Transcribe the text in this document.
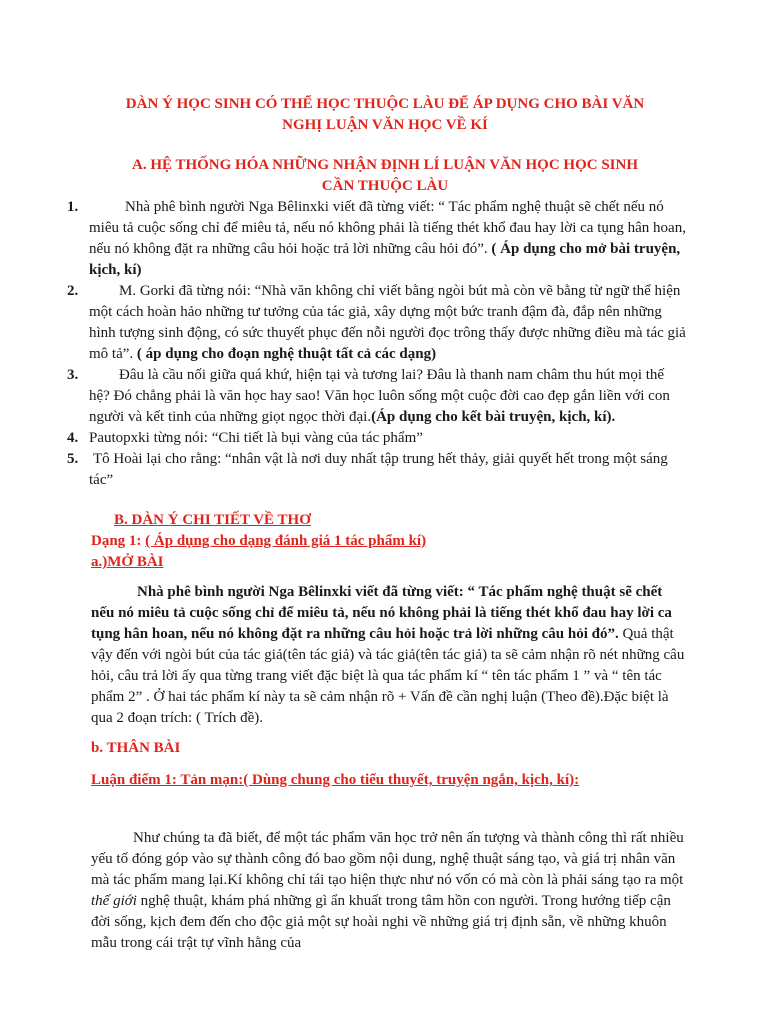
DÀN Ý HỌC SINH CÓ THỂ HỌC THUỘC LÀU ĐỂ ÁP DỤNG CHO BÀI VĂN

NGHỊ LUẬN VĂN HỌC VỀ KÍ

A. HỆ THỐNG HÓA NHỮNG NHẬN ĐỊNH LÍ LUẬN VĂN HỌC HỌC SINH

CẦN THUỘC LÀU

1.	Nhà phê bình người Nga Bêlinxki viết đã từng viết: “ Tác phẩm nghệ thuật sẽ chết nếu nó miêu tả cuộc sống chỉ để miêu tả, nếu nó không phải là tiếng thét khổ đau hay lời ca tụng hân hoan, nếu nó không đặt ra những câu hỏi hoặc trả lời những câu hỏi đó”. ( Áp dụng cho mở bài truyện, kịch, kí)
2.	M. Gorki đã từng nói: “Nhà văn không chỉ viết bằng ngòi bút mà còn vẽ bằng từ ngữ thể hiện một cách hoàn hảo những tư tưởng của tác giả, xây dựng một bức tranh đậm đà, đắp nên những hình tượng sinh động, có sức thuyết phục đến nỗi người đọc trông thấy được những điều mà tác giả mô tả”. ( áp dụng cho đoạn nghệ thuật tất cả các dạng)
3.	Đâu là cầu nối giữa quá khứ, hiện tại và tương lai? Đâu là thanh nam châm thu hút mọi thế hệ? Đó chẳng phải là văn học hay sao! Văn học luôn sống một cuộc đời cao đẹp gắn liền với con người và kết tinh của những giọt ngọc thời đại.(Áp dụng cho kết bài truyện, kịch, kí).
4. Pautopxki từng nói: “Chi tiết là bụi vàng của tác phẩm”
5. Tô Hoài lại cho rằng: “nhân vật là nơi duy nhất tập trung hết thảy, giải quyết hết trong một sáng tác”
B. DÀN Ý CHI TIẾT VỀ THƠ
Dạng 1: ( Áp dụng cho dạng đánh giá 1 tác phẩm kí)
a.)MỞ BÀI
Nhà phê bình người Nga Bêlinxki viết đã từng viết: “ Tác phẩm nghệ thuật sẽ chết nếu nó miêu tả cuộc sống chỉ để miêu tả, nếu nó không phải là tiếng thét khổ đau hay lời ca tụng hân hoan, nếu nó không đặt ra những câu hỏi hoặc trả lời những câu hỏi đó”. Quả thật vậy đến với ngòi bút của tác giả(tên tác giả) và tác giả(tên tác giả) ta sẽ cảm nhận rõ nét những câu hỏi, câu trả lời ấy qua từng trang viết đặc biệt là qua tác phẩm kí “ tên tác phẩm 1 ” và “ tên tác phẩm 2” . Ở hai tác phẩm kí này ta sẽ cảm nhận rõ + Vấn đề cần nghị luận (Theo đề).Đặc biệt là qua 2 đoạn trích: ( Trích đề).
b. THÂN BÀI
Luận điểm 1: Tản mạn:( Dùng chung cho tiểu thuyết, truyện ngắn, kịch, kí):
Như chúng ta đã biết, để một tác phẩm văn học trở nên ấn tượng và thành công thì rất nhiều yếu tố đóng góp vào sự thành công đó bao gồm nội dung, nghệ thuật sáng tạo, và giá trị nhân văn mà tác phẩm mang lại.Kí không chỉ tái tạo hiện thực như nó vốn có mà còn là phải sáng tạo ra một thế giới nghệ thuật, khám phá những gì ẩn khuất trong tâm hồn con người. Trong hướng tiếp cận đời sống, kịch đem đến cho độc giả một sự hoài nghi về những giá trị định sẵn, về những khuôn mẫu trong cái trật tự vĩnh hằng của
